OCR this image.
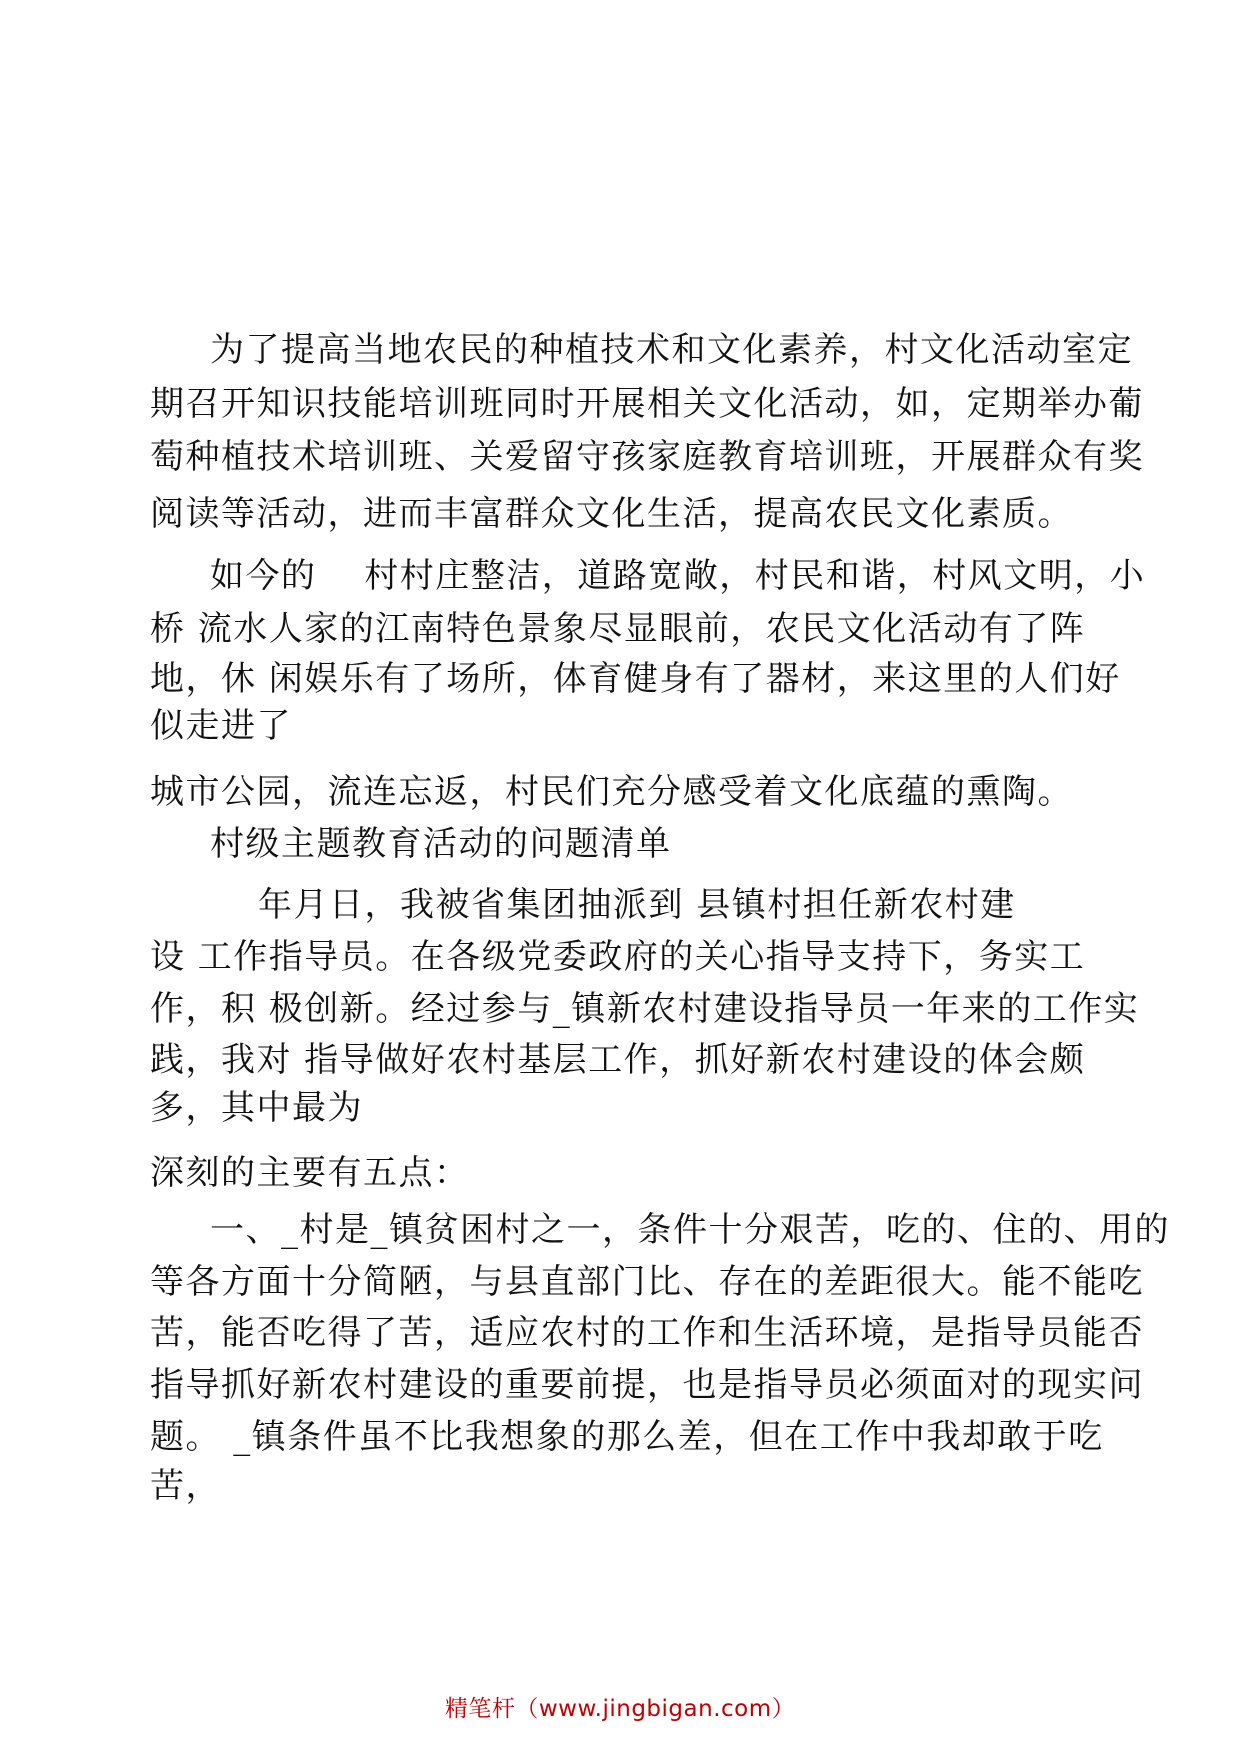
为了提高当地农民的种植技术和文化素养，村文化活动室定
期召开知识技能培训班同时开展相关文化活动，如，定期举办葡
萄种植技术培训班、关爱留守孩家庭教育培训班，开展群众有奖
阅读等活动，进而丰富群众文化生活，提高农民文化素质。
如今的　 村村庄整洁，道路宽敞，村民和谐，村风文明，小
桥 流水人家的江南特色景象尽显眼前，农民文化活动有了阵
地，休 闲娱乐有了场所，体育健身有了器材，来这里的人们好
似走进了
城市公园，流连忘返，村民们充分感受着文化底蕴的熏陶。
村级主题教育活动的问题清单
年月日，我被省集团抽派到 县镇村担任新农村建
设 工作指导员。在各级党委政府的关心指导支持下，务实工
作，积 极创新。经过参与_镇新农村建设指导员一年来的工作实
践，我对 指导做好农村基层工作，抓好新农村建设的体会颇
多，其中最为
深刻的主要有五点：
一、_村是_镇贫困村之一，条件十分艰苦，吃的、住的、用的
等各方面十分简陋，与县直部门比、存在的差距很大。能不能吃
苦，能否吃得了苦，适应农村的工作和生活环境，是指导员能否
指导抓好新农村建设的重要前提，也是指导员必须面对的现实问
题。 _镇条件虽不比我想象的那么差，但在工作中我却敢于吃
苦，
精笔杆（www.jingbigan.com）
